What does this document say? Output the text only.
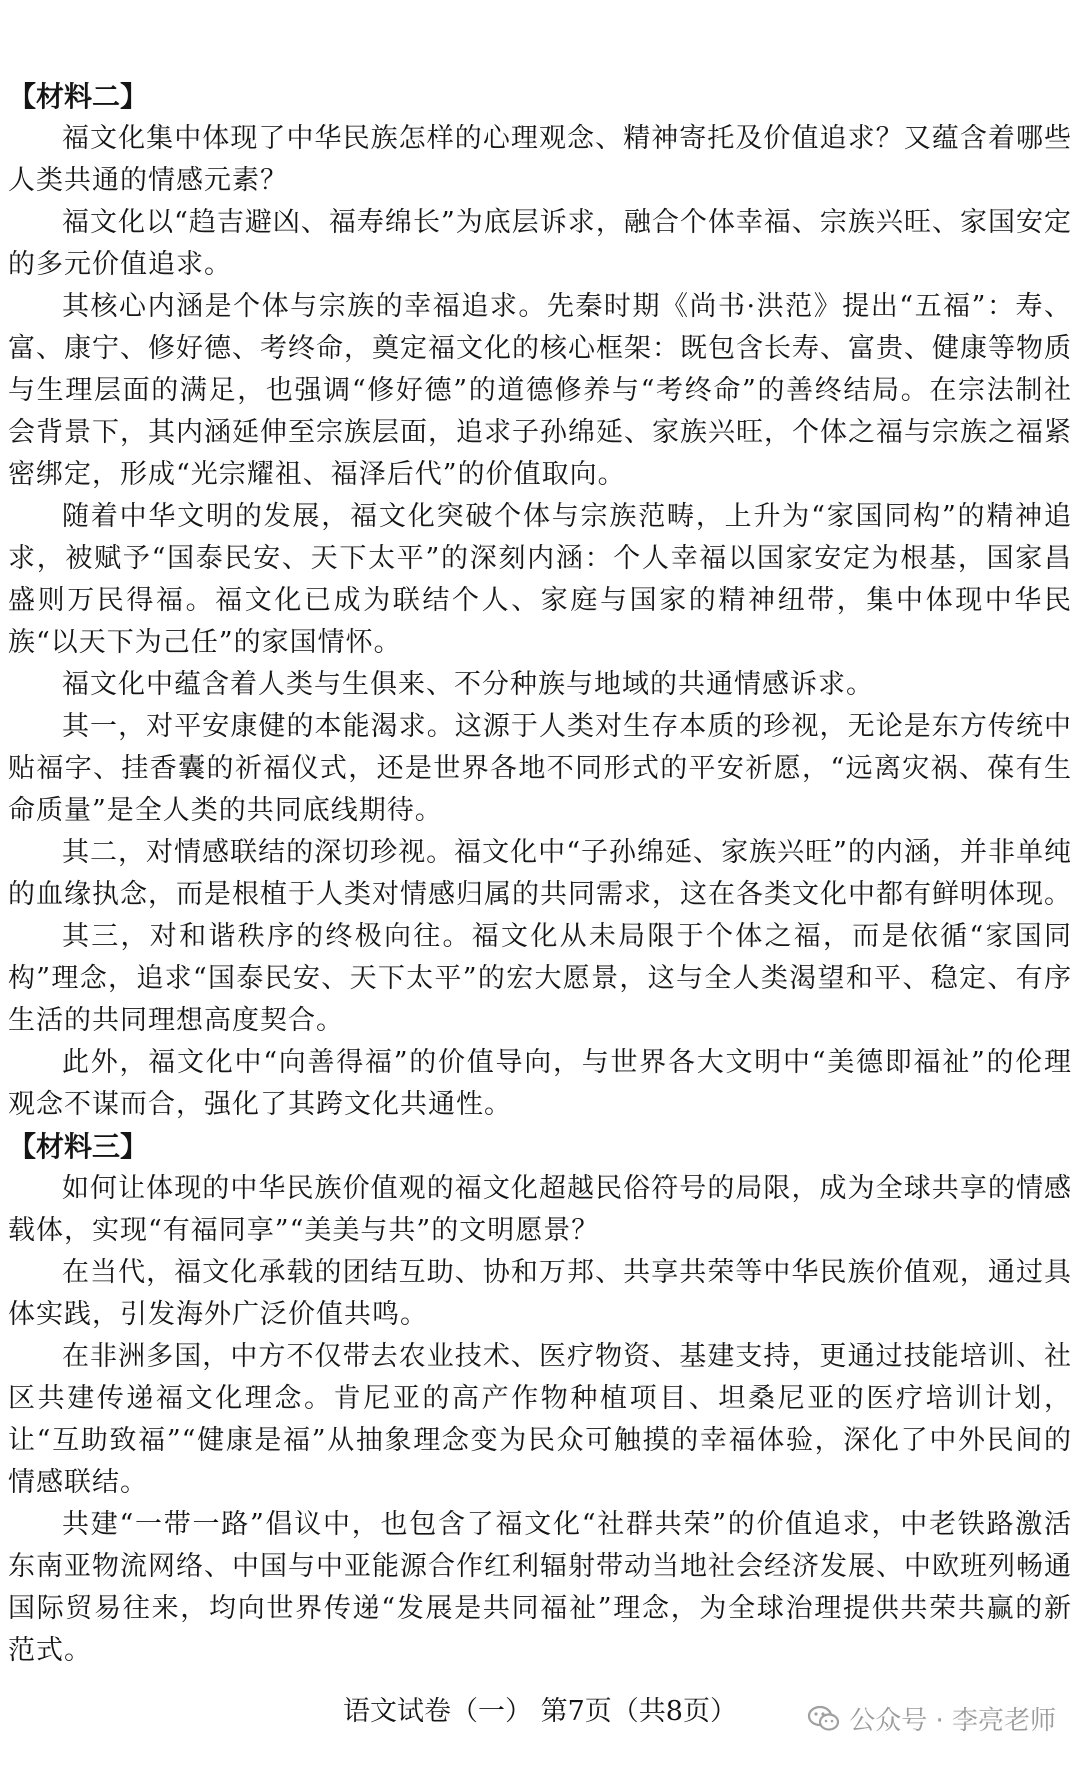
【材料二】

福文化集中体现了中华民族怎样的心理观念、精神寄托及价值追求？又蕴含着哪些人类共通的情感元素？

福文化以“趋吉避凶、福寿绵长”为底层诉求，融合个体幸福、宗族兴旺、家国安定的多元价值追求。

其核心内涵是个体与宗族的幸福追求。先秦时期《尚书·洪范》提出“五福”：寿、富、康宁、修好德、考终命，奠定福文化的核心框架：既包含长寿、富贵、健康等物质与生理层面的满足，也强调“修好德”的道德修养与“考终命”的善终结局。在宗法制社会背景下，其内涵延伸至宗族层面，追求子孙绵延、家族兴旺，个体之福与宗族之福紧密绑定，形成“光宗耀祖、福泽后代”的价值取向。

随着中华文明的发展，福文化突破个体与宗族范畴，上升为“家国同构”的精神追求，被赋予“国泰民安、天下太平”的深刻内涵：个人幸福以国家安定为根基，国家昌盛则万民得福。福文化已成为联结个人、家庭与国家的精神纽带，集中体现中华民族“以天下为己任”的家国情怀。

福文化中蕴含着人类与生俱来、不分种族与地域的共通情感诉求。

其一，对平安康健的本能渴求。这源于人类对生存本质的珍视，无论是东方传统中贴福字、挂香囊的祈福仪式，还是世界各地不同形式的平安祈愿，“远离灾祸、葆有生命质量”是全人类的共同底线期待。

其二，对情感联结的深切珍视。福文化中“子孙绵延、家族兴旺”的内涵，并非单纯的血缘执念，而是根植于人类对情感归属的共同需求，这在各类文化中都有鲜明体现。

其三，对和谐秩序的终极向往。福文化从未局限于个体之福，而是依循“家国同构”理念，追求“国泰民安、天下太平”的宏大愿景，这与全人类渴望和平、稳定、有序生活的共同理想高度契合。

此外，福文化中“向善得福”的价值导向，与世界各大文明中“美德即福祉”的伦理观念不谋而合，强化了其跨文化共通性。

【材料三】

如何让体现的中华民族价值观的福文化超越民俗符号的局限，成为全球共享的情感载体，实现“有福同享”“美美与共”的文明愿景？

在当代，福文化承载的团结互助、协和万邦、共享共荣等中华民族价值观，通过具体实践，引发海外广泛价值共鸣。

在非洲多国，中方不仅带去农业技术、医疗物资、基建支持，更通过技能培训、社区共建传递福文化理念。肯尼亚的高产作物种植项目、坦桑尼亚的医疗培训计划，让“互助致福”“健康是福”从抽象理念变为民众可触摸的幸福体验，深化了中外民间的情感联结。

共建“一带一路”倡议中，也包含了福文化“社群共荣”的价值追求，中老铁路激活东南亚物流网络、中国与中亚能源合作红利辐射带动当地社会经济发展、中欧班列畅通国际贸易往来，均向世界传递“发展是共同福祉”理念，为全球治理提供共荣共赢的新范式。

语文试卷（一） 第7页（共8页）	公众号 · 李亮老师
